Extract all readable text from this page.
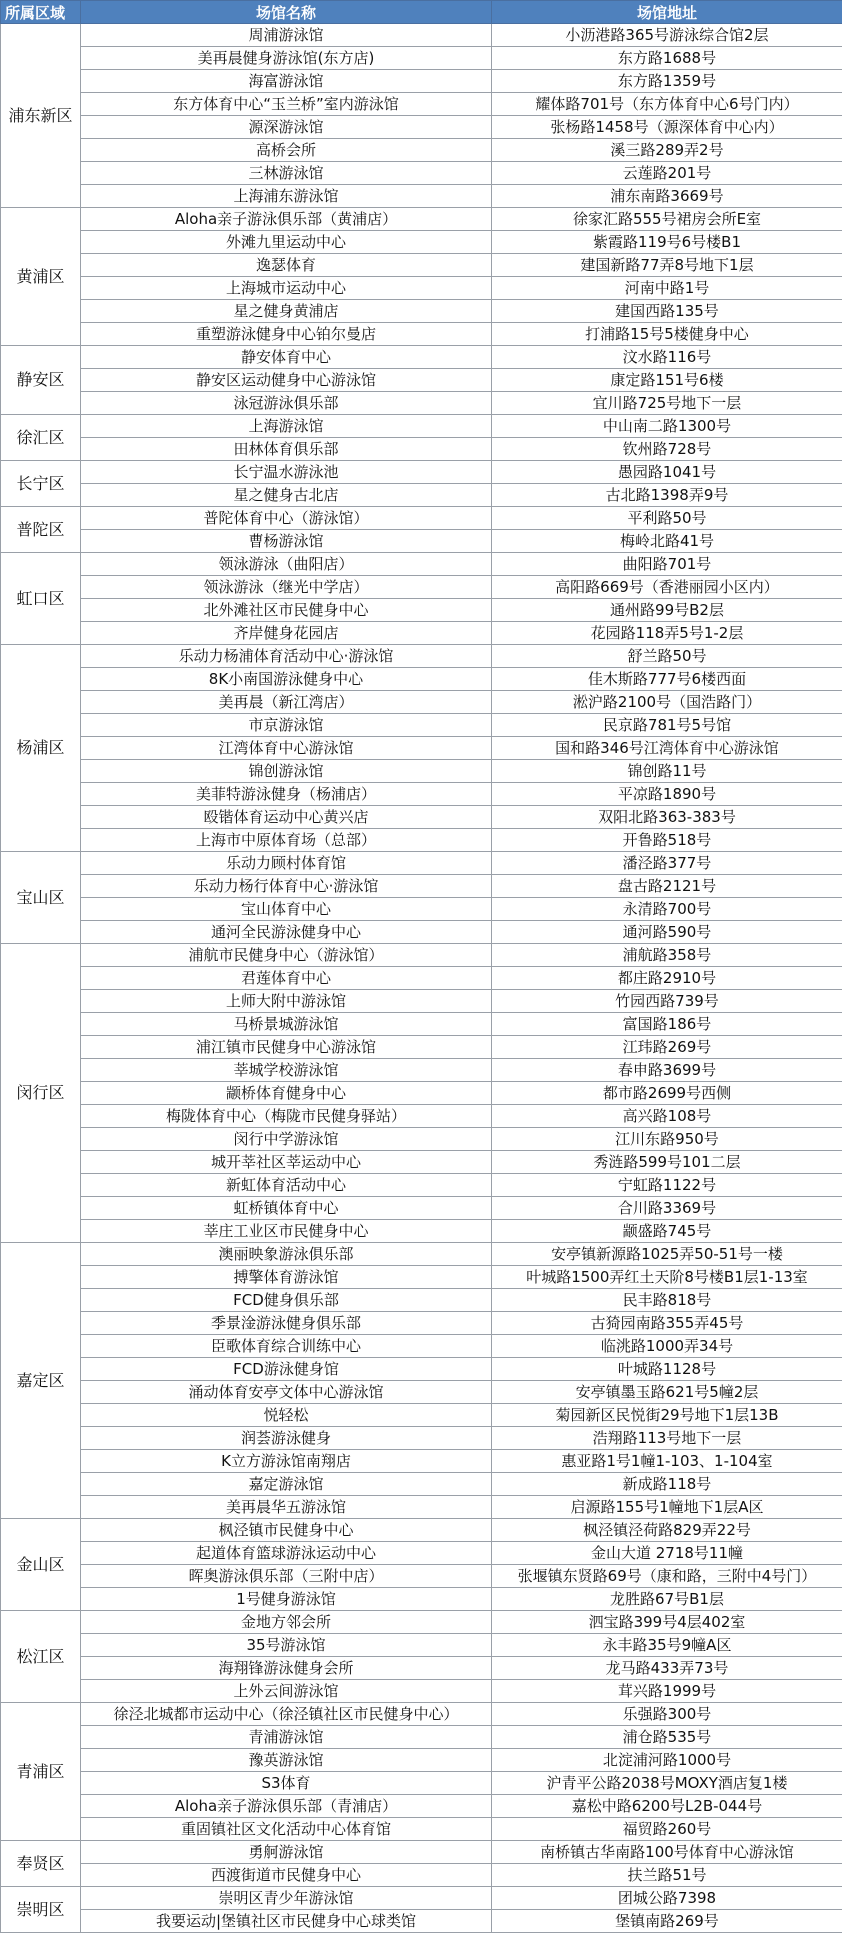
所属区域	场馆名称	场馆地址
浦东新区	周浦游泳馆	小沥港路365号游泳综合馆2层
	美再晨健身游泳馆(东方店)	东方路1688号
	海富游泳馆	东方路1359号
	东方体育中心“玉兰桥”室内游泳馆	耀体路701号（东方体育中心6号门内）
	源深游泳馆	张杨路1458号（源深体育中心内）
	高桥会所	溪三路289弄2号
	三林游泳馆	云莲路201号
	上海浦东游泳馆	浦东南路3669号
黄浦区	Aloha亲子游泳俱乐部（黄浦店）	徐家汇路555号裙房会所E室
	外滩九里运动中心	紫霞路119号6号楼B1
	逸瑟体育	建国新路77弄8号地下1层
	上海城市运动中心	河南中路1号
	星之健身黄浦店	建国西路135号
	重塑游泳健身中心铂尔曼店	打浦路15号5楼健身中心
静安区	静安体育中心	汶水路116号
	静安区运动健身中心游泳馆	康定路151号6楼
	泳冠游泳俱乐部	宜川路725号地下一层
徐汇区	上海游泳馆	中山南二路1300号
	田林体育俱乐部	钦州路728号
长宁区	长宁温水游泳池	愚园路1041号
	星之健身古北店	古北路1398弄9号
普陀区	普陀体育中心（游泳馆）	平利路50号
	曹杨游泳馆	梅岭北路41号
虹口区	领泳游泳（曲阳店）	曲阳路701号
	领泳游泳（继光中学店）	高阳路669号（香港丽园小区内）
	北外滩社区市民健身中心	通州路99号B2层
	齐岸健身花园店	花园路118弄5号1-2层
杨浦区	乐动力杨浦体育活动中心·游泳馆	舒兰路50号
	8K小南国游泳健身中心	佳木斯路777号6楼西面
	美再晨（新江湾店）	淞沪路2100号（国浩路门）
	市京游泳馆	民京路781号5号馆
	江湾体育中心游泳馆	国和路346号江湾体育中心游泳馆
	锦创游泳馆	锦创路11号
	美菲特游泳健身（杨浦店）	平凉路1890号
	殴锴体育运动中心黄兴店	双阳北路363-383号
	上海市中原体育场（总部）	开鲁路518号
宝山区	乐动力顾村体育馆	潘泾路377号
	乐动力杨行体育中心·游泳馆	盘古路2121号
	宝山体育中心	永清路700号
	通河全民游泳健身中心	通河路590号
闵行区	浦航市民健身中心（游泳馆）	浦航路358号
	君莲体育中心	都庄路2910号
	上师大附中游泳馆	竹园西路739号
	马桥景城游泳馆	富国路186号
	浦江镇市民健身中心游泳馆	江玮路269号
	莘城学校游泳馆	春申路3699号
	颛桥体育健身中心	都市路2699号西侧
	梅陇体育中心（梅陇市民健身驿站）	高兴路108号
	闵行中学游泳馆	江川东路950号
	城开莘社区莘运动中心	秀涟路599号101二层
	新虹体育活动中心	宁虹路1122号
	虹桥镇体育中心	合川路3369号
	莘庄工业区市民健身中心	颛盛路745号
嘉定区	澳丽映象游泳俱乐部	安亭镇新源路1025弄50-51号一楼
	搏擎体育游泳馆	叶城路1500弄红土天阶8号楼B1层1-13室
	FCD健身俱乐部	民丰路818号
	季景淦游泳健身俱乐部	古猗园南路355弄45号
	臣歌体育综合训练中心	临洮路1000弄34号
	FCD游泳健身馆	叶城路1128号
	涌动体育安亭文体中心游泳馆	安亭镇墨玉路621号5幢2层
	悦轻松	菊园新区民悦街29号地下1层13B
	润荟游泳健身	浩翔路113号地下一层
	K立方游泳馆南翔店	惠亚路1号1幢1-103、1-104室
	嘉定游泳馆	新成路118号
	美再晨华五游泳馆	启源路155号1幢地下1层A区
金山区	枫泾镇市民健身中心	枫泾镇泾荷路829弄22号
	起道体育篮球游泳运动中心	金山大道 2718号11幢
	晖奥游泳俱乐部（三附中店）	张堰镇东贤路69号（康和路，三附中4号门）
	1号健身游泳馆	龙胜路67号B1层
松江区	金地方邻会所	泗宝路399号4层402室
	35号游泳馆	永丰路35号9幢A区
	海翔锋游泳健身会所	龙马路433弄73号
	上外云间游泳馆	茸兴路1999号
青浦区	徐泾北城都市运动中心（徐泾镇社区市民健身中心）	乐强路300号
	青浦游泳馆	浦仓路535号
	豫英游泳馆	北淀浦河路1000号
	S3体育	沪青平公路2038号MOXY酒店复1楼
	Aloha亲子游泳俱乐部（青浦店）	嘉松中路6200号L2B-044号
	重固镇社区文化活动中心体育馆	福贸路260号
奉贤区	勇舸游泳馆	南桥镇古华南路100号体育中心游泳馆
	西渡街道市民健身中心	扶兰路51号
崇明区	崇明区青少年游泳馆	团城公路7398
	我要运动|堡镇社区市民健身中心球类馆	堡镇南路269号
